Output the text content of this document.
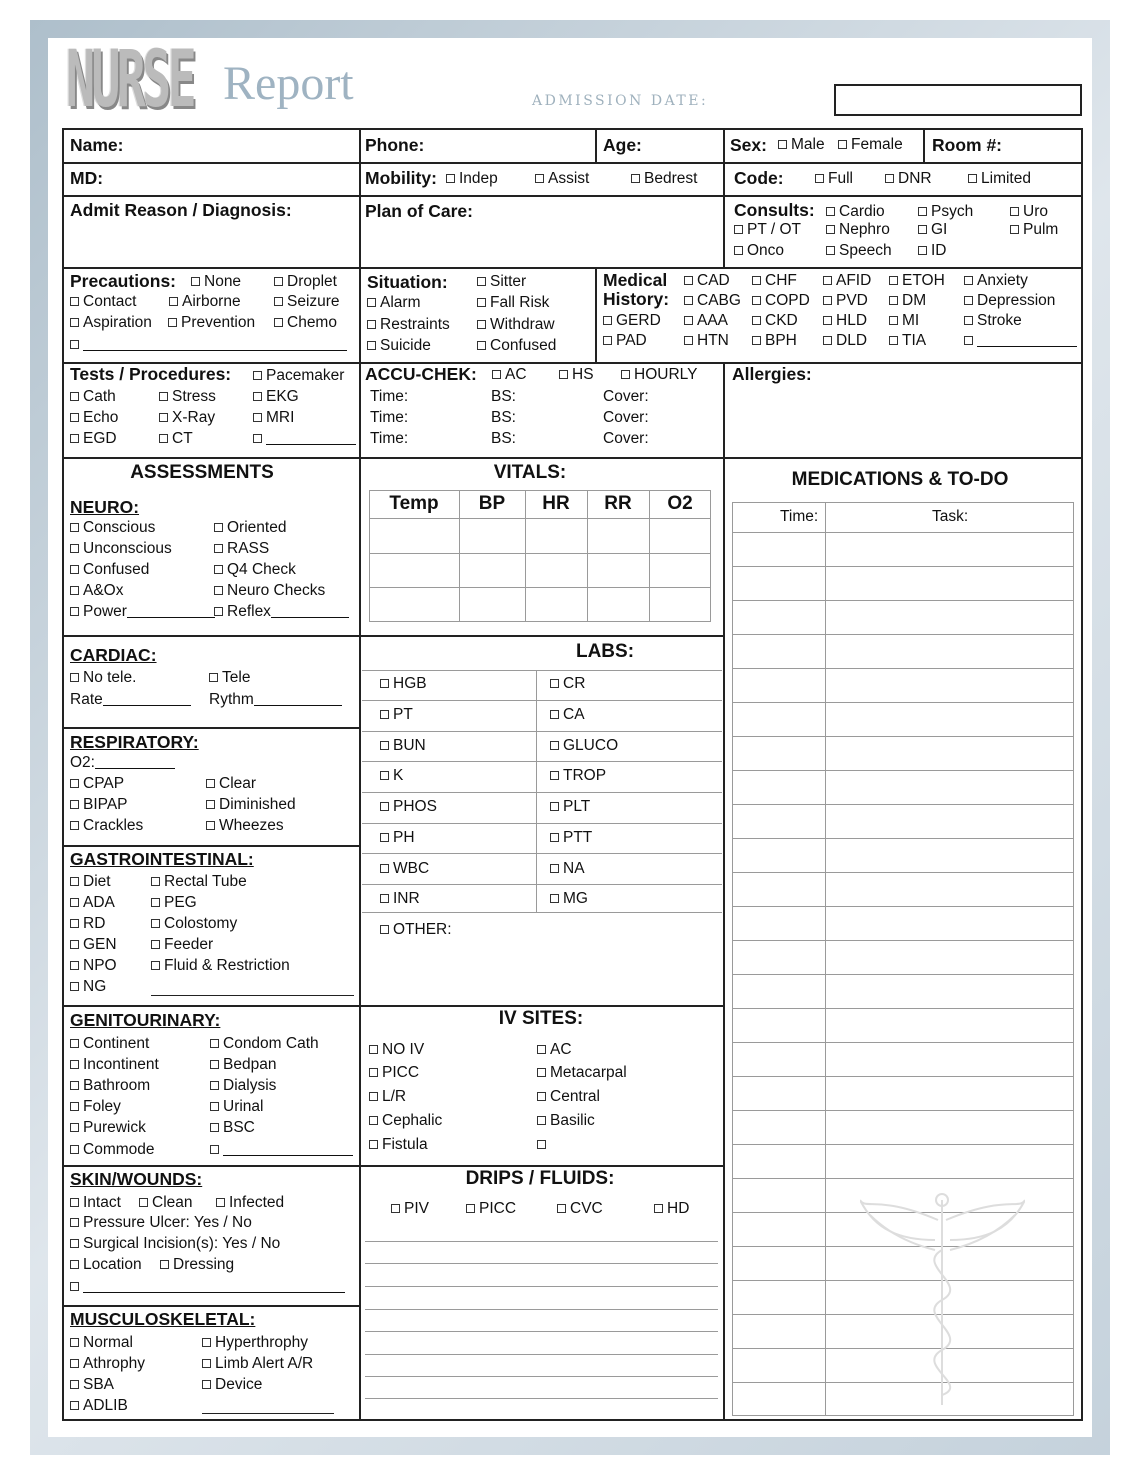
NURSE Report	ADMISSION DATE:
Name:	Phone:	Age:	Sex:	Male	Female Room #:
MD:	Mobility:	Indep	Assist	Bedrest Code:	Full	DNR	Limited
Admit Reason / Diagnosis:	Plan of Care:	Consults:
Precautions:	Situation:	Medical
History:
Tests / Procedures:	ACCU-CHEK:	Allergies:
ASSESSMENTS
NEURO:
CARDIAC:
RESPIRATORY:
GASTROINTESTINAL:
GENITOURINARY:
SKIN/WOUNDS:
MUSCULOSKELETAL:
VITALS:
LABS:
IV SITES:
DRIPS / FLUIDS:
MEDICATIONS & TO-DO
Time:	Task:
Rate	Rythm
O2:
Cardio	Psych	Uro
PT / OT	Nephro	GI	Pulm
Onco	Speech	ID
None	Droplet
Contact	Airborne	Seizure
Aspiration	Prevention	Chemo
Sitter
Alarm	Fall Risk
Restraints	Withdraw
Suicide	Confused
CAD	CHF	AFID	ETOH	Anxiety
CABG	COPD	PVD	DM	Depression
GERD	AAA	CKD	HLD	MI	Stroke
PAD	HTN	BPH	DLD	TIA
Pacemaker
Cath	Stress	EKG
Echo	X-Ray	MRI
EGD	CT
AC	HS	HOURLY
Time:	BS:	Cover:
Time:	BS:	Cover:
Time:	BS:	Cover:
Conscious	Oriented
Unconscious	RASS
Confused	Q4 Check
A&Ox	Neuro Checks
Power	Reflex
No tele.	Tele
CPAP	Clear
BIPAP	Diminished
Crackles	Wheezes
Diet	Rectal Tube
ADA	PEG
RD	Colostomy
GEN	Feeder
NPO	Fluid & Restriction
NG
Continent	Condom Cath
Incontinent	Bedpan
Bathroom	Dialysis
Foley	Urinal
Purewick	BSC
Commode
Intact	Clean	Infected
Pressure Ulcer: Yes / No
Surgical Incision(s): Yes / No
Location	Dressing
Normal	Hyperthrophy
Athrophy	Limb Alert A/R
SBA	Device
ADLIB
Temp BP HR RR O2
HGB	CR
PT	CA
BUN	GLUCO
K	TROP
PHOS	PLT
PH	PTT
WBC	NA
INR	MG
OTHER:
NO IV	AC
PICC	Metacarpal
L/R	Central
Cephalic	Basilic
Fistula
PIV	PICC	CVC	HD
